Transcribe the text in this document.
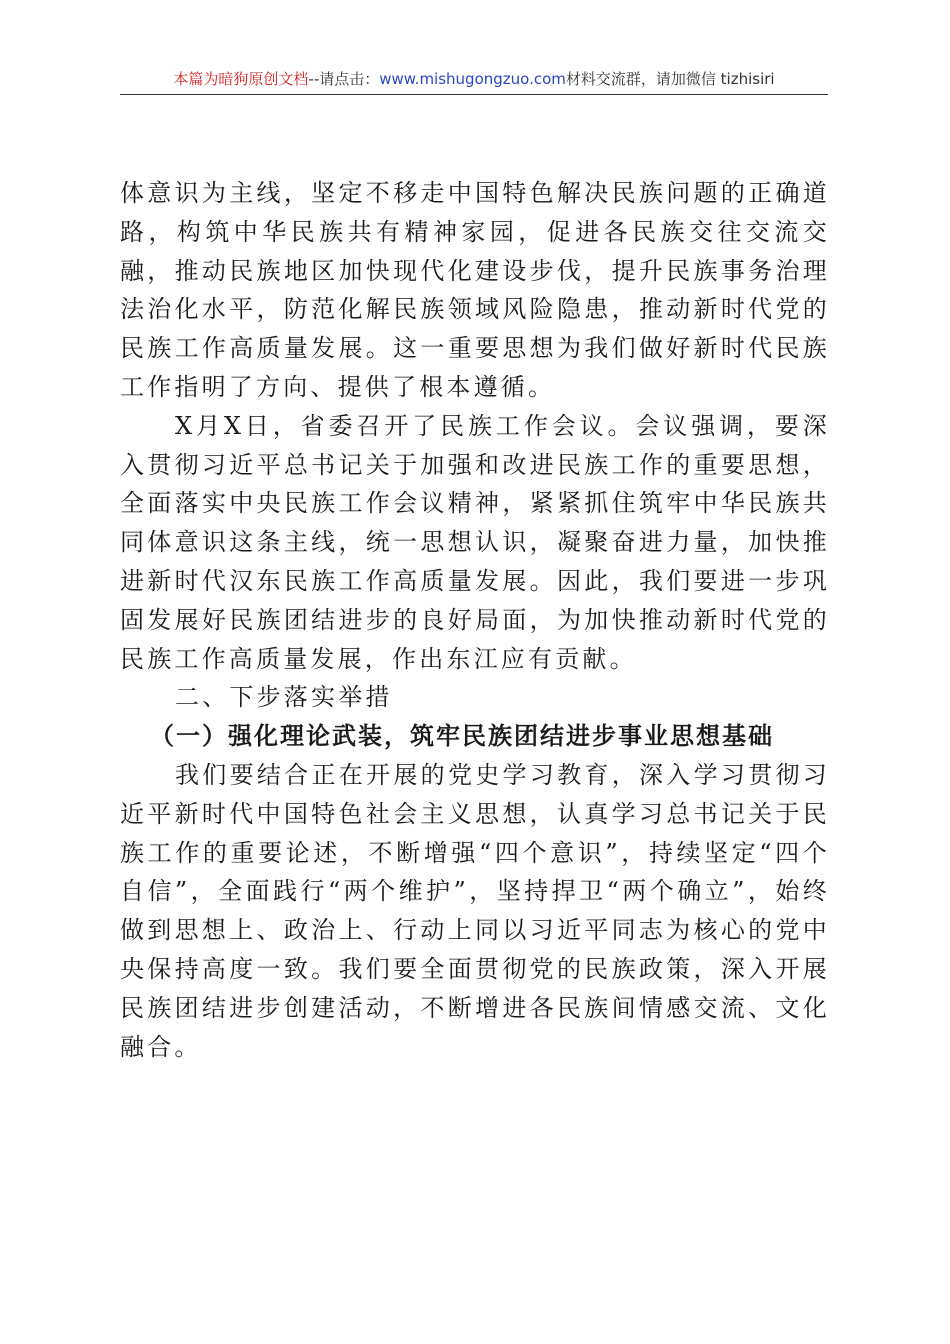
本篇为暗狗原创文档--请点击：www.mishugongzuo.com材料交流群，请加微信 tizhisiri

体意识为主线，坚定不移走中国特色解决民族问题的正确道路，构筑中华民族共有精神家园，促进各民族交往交流交融，推动民族地区加快现代化建设步伐，提升民族事务治理法治化水平，防范化解民族领域风险隐患，推动新时代党的民族工作高质量发展。这一重要思想为我们做好新时代民族工作指明了方向、提供了根本遵循。

X月X日，省委召开了民族工作会议。会议强调，要深入贯彻习近平总书记关于加强和改进民族工作的重要思想，全面落实中央民族工作会议精神，紧紧抓住筑牢中华民族共同体意识这条主线，统一思想认识，凝聚奋进力量，加快推进新时代汉东民族工作高质量发展。因此，我们要进一步巩固发展好民族团结进步的良好局面，为加快推动新时代党的民族工作高质量发展，作出东江应有贡献。

二、下步落实举措

（一）强化理论武装，筑牢民族团结进步事业思想基础

我们要结合正在开展的党史学习教育，深入学习贯彻习近平新时代中国特色社会主义思想，认真学习总书记关于民族工作的重要论述，不断增强“四个意识”，持续坚定“四个自信”，全面践行“两个维护”，坚持捍卫“两个确立”，始终做到思想上、政治上、行动上同以习近平同志为核心的党中央保持高度一致。我们要全面贯彻党的民族政策，深入开展民族团结进步创建活动，不断增进各民族间情感交流、文化融合。
